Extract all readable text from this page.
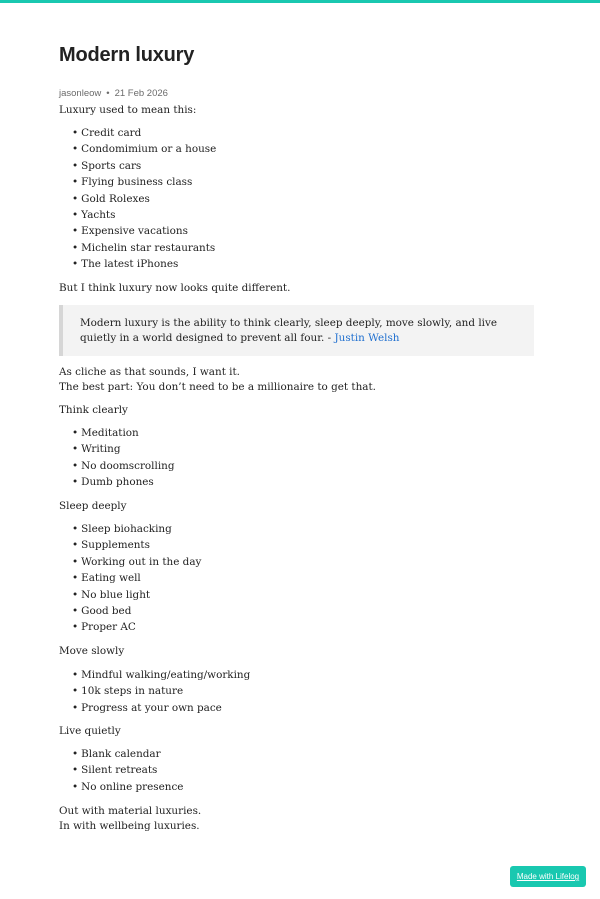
Modern luxury
jasonleow • 21 Feb 2026

Luxury used to mean this:

• Credit card
• Condomimium or a house
• Sports cars
• Flying business class
• Gold Rolexes
• Yachts
• Expensive vacations
• Michelin star restaurants
• The latest iPhones

But I think luxury now looks quite different.

Modern luxury is the ability to think clearly, sleep deeply, move slowly, and live quietly in a world designed to prevent all four. - Justin Welsh

As cliche as that sounds, I want it.

The best part: You don’t need to be a millionaire to get that.

Think clearly

• Meditation
• Writing
• No doomscrolling
• Dumb phones

Sleep deeply

• Sleep biohacking
• Supplements
• Working out in the day
• Eating well
• No blue light
• Good bed
• Proper AC

Move slowly

• Mindful walking/eating/working
• 10k steps in nature
• Progress at your own pace

Live quietly

• Blank calendar
• Silent retreats
• No online presence

Out with material luxuries.

In with wellbeing luxuries.

Made with Lifelog
